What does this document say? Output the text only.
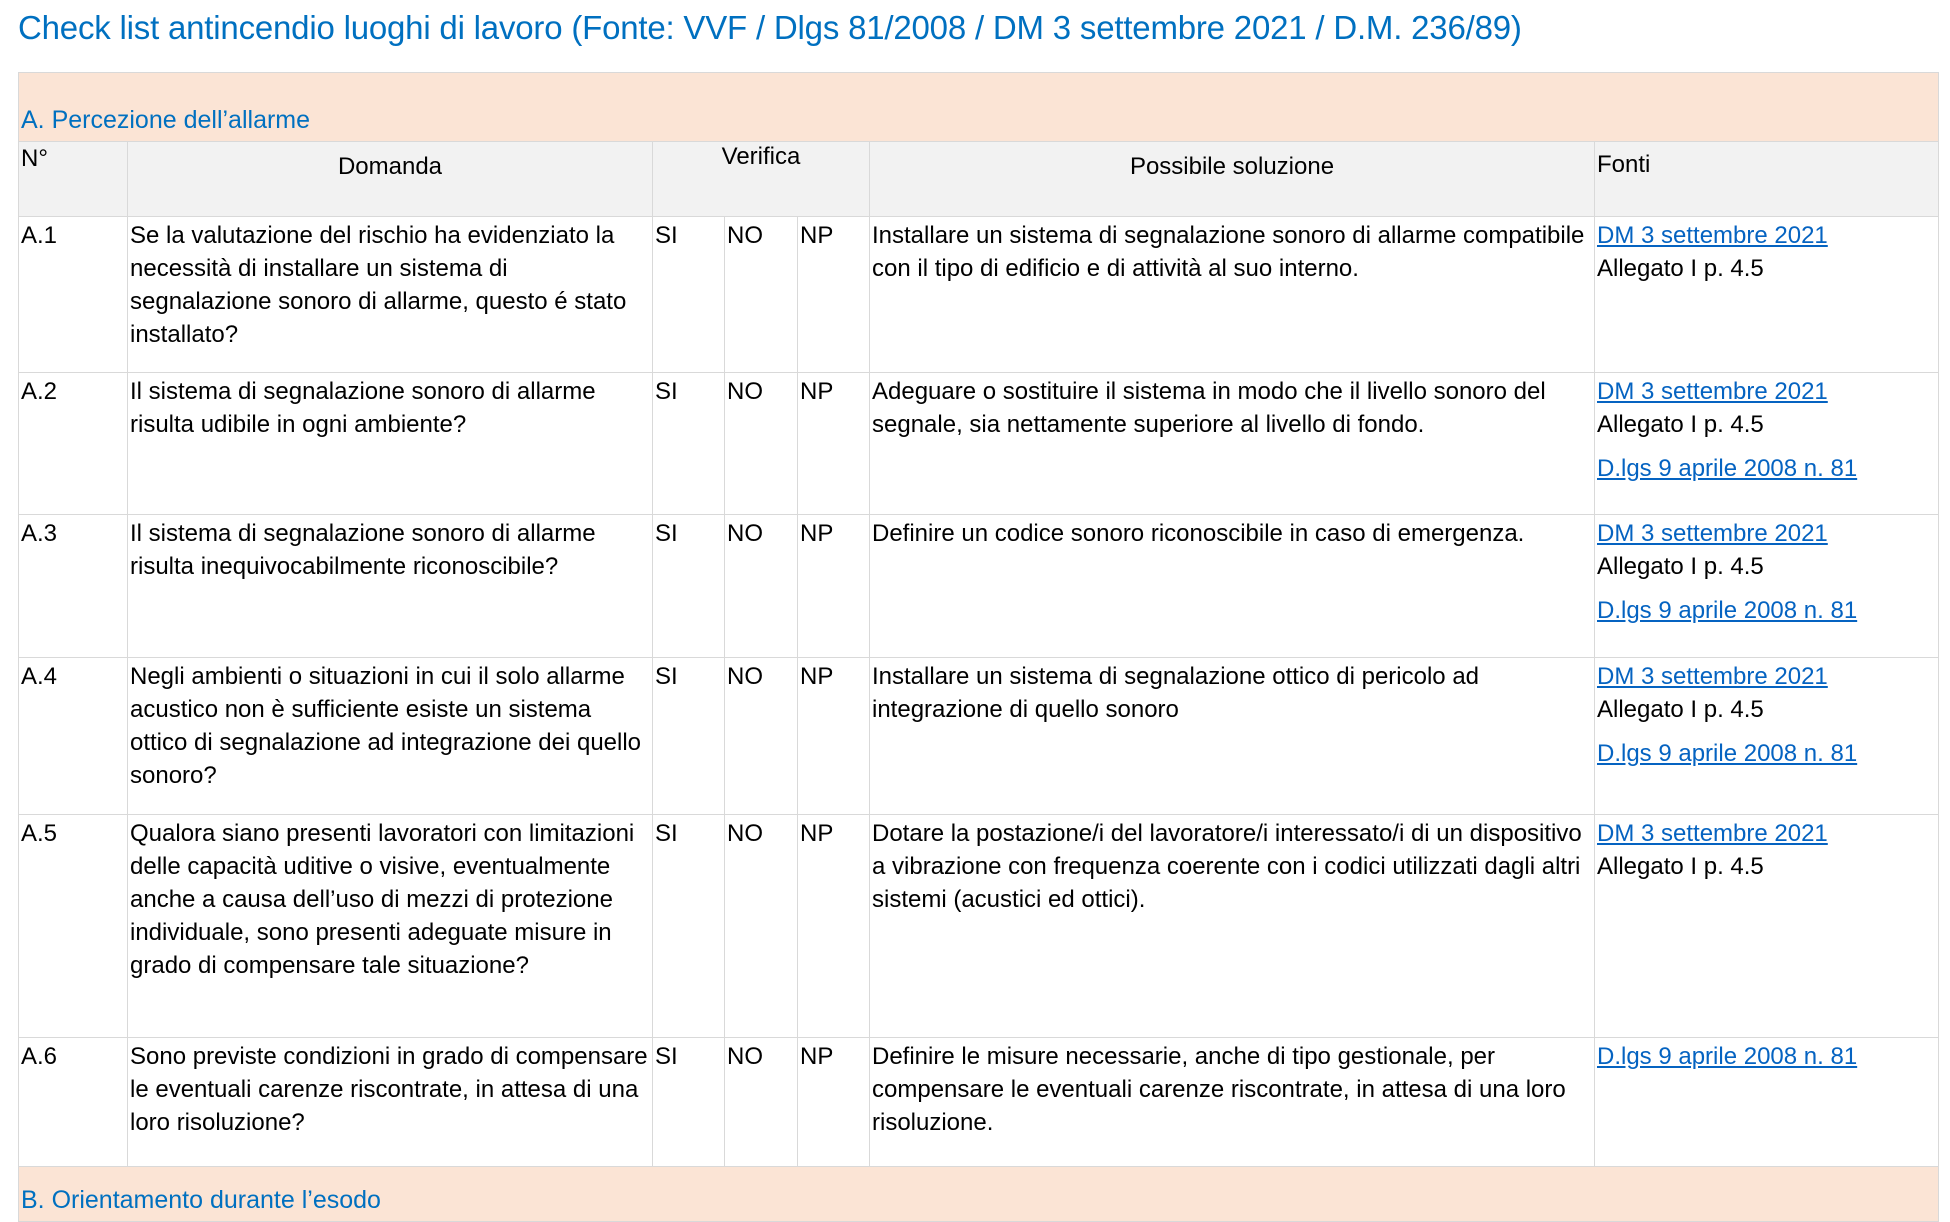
Check list antincendio luoghi di lavoro (Fonte: VVF / Dlgs 81/2008 / DM 3 settembre 2021 / D.M. 236/89)
A. Percezione dell’allarme						
N°	Domanda	Verifica			Possibile soluzione	Fonti
A.1	Se la valutazione del rischio ha evidenziato la necessità di installare un sistema di segnalazione sonoro di allarme, questo é stato installato?	SI	NO	NP	Installare un sistema di segnalazione sonoro di allarme compatibile con il tipo di edificio e di attività al suo interno.	DM 3 settembre 2021
Allegato I p. 4.5

A.2	Il sistema di segnalazione sonoro di allarme risulta udibile in ogni ambiente?	SI	NO	NP	Adeguare o sostituire il sistema in modo che il livello sonoro del segnale, sia nettamente superiore al livello di fondo.	DM 3 settembre 2021
Allegato I p. 4.5
D.lgs 9 aprile 2008 n. 81

A.3	Il sistema di segnalazione sonoro di allarme risulta inequivocabilmente riconoscibile?	SI	NO	NP	Definire un codice sonoro riconoscibile in caso di emergenza.	DM 3 settembre 2021
Allegato I p. 4.5
D.lgs 9 aprile 2008 n. 81

A.4	Negli ambienti o situazioni in cui il solo allarme acustico non è sufficiente esiste un sistema ottico di segnalazione ad integrazione dei quello sonoro?	SI	NO	NP	Installare un sistema di segnalazione ottico di pericolo ad integrazione di quello sonoro	DM 3 settembre 2021
Allegato I p. 4.5
D.lgs 9 aprile 2008 n. 81

A.5	Qualora siano presenti lavoratori con limitazioni delle capacità uditive o visive, eventualmente anche a causa dell’uso di mezzi di protezione individuale, sono presenti adeguate misure in grado di compensare tale situazione?	SI	NO	NP	Dotare la postazione/i del lavoratore/i interessato/i di un dispositivo a vibrazione con frequenza coerente con i codici utilizzati dagli altri sistemi (acustici ed ottici).	DM 3 settembre 2021
Allegato I p. 4.5

A.6	Sono previste condizioni in grado di compensare le eventuali carenze riscontrate, in attesa di una loro risoluzione?	SI	NO	NP	Definire le misure necessarie, anche di tipo gestionale, per compensare le eventuali carenze riscontrate, in attesa di una loro risoluzione.	D.lgs 9 aprile 2008 n. 81

B. Orientamento durante l’esodo						
